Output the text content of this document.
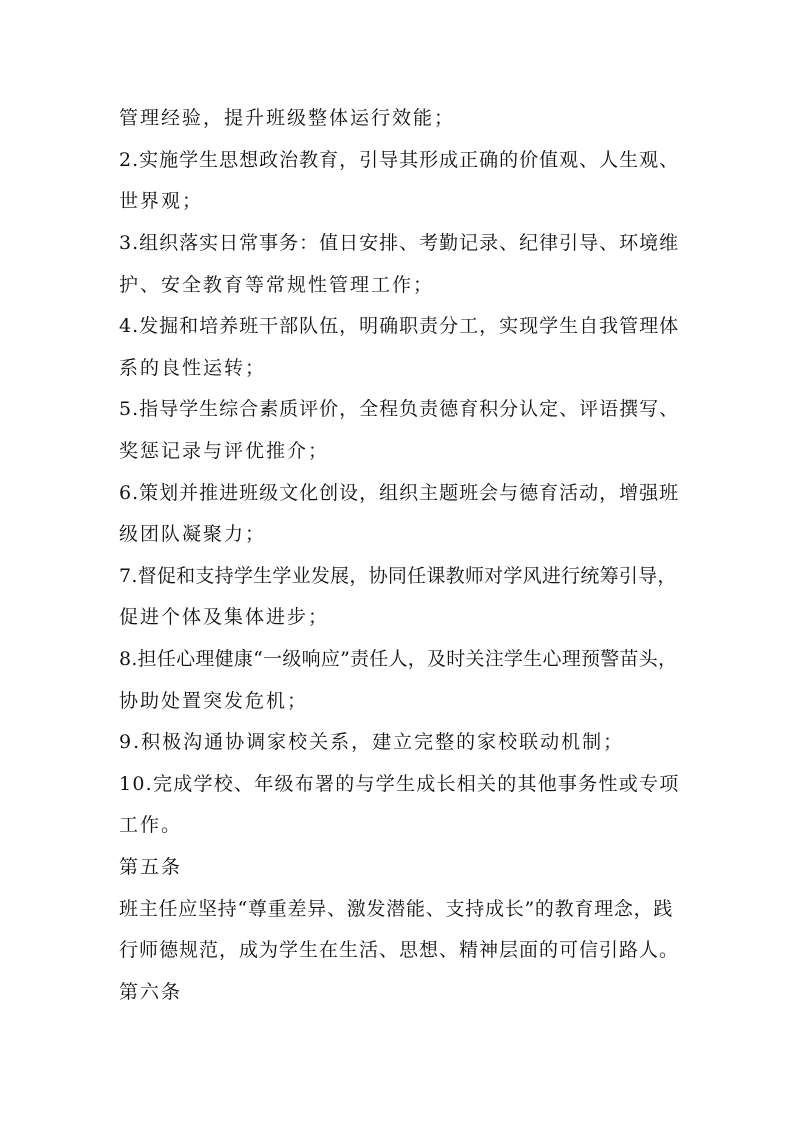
管理经验，提升班级整体运行效能；
2.实施学生思想政治教育，引导其形成正确的价值观、人生观、
世界观；
3.组织落实日常事务：值日安排、考勤记录、纪律引导、环境维
护、安全教育等常规性管理工作；
4.发掘和培养班干部队伍，明确职责分工，实现学生自我管理体
系的良性运转；
5.指导学生综合素质评价，全程负责德育积分认定、评语撰写、
奖惩记录与评优推介；
6.策划并推进班级文化创设，组织主题班会与德育活动，增强班
级团队凝聚力；
7.督促和支持学生学业发展，协同任课教师对学风进行统筹引导，
促进个体及集体进步；
8.担任心理健康“一级响应”责任人，及时关注学生心理预警苗头，
协助处置突发危机；
9.积极沟通协调家校关系，建立完整的家校联动机制；
10.完成学校、年级布署的与学生成长相关的其他事务性或专项
工作。
第五条
班主任应坚持“尊重差异、激发潜能、支持成长”的教育理念，践
行师德规范，成为学生在生活、思想、精神层面的可信引路人。
第六条
